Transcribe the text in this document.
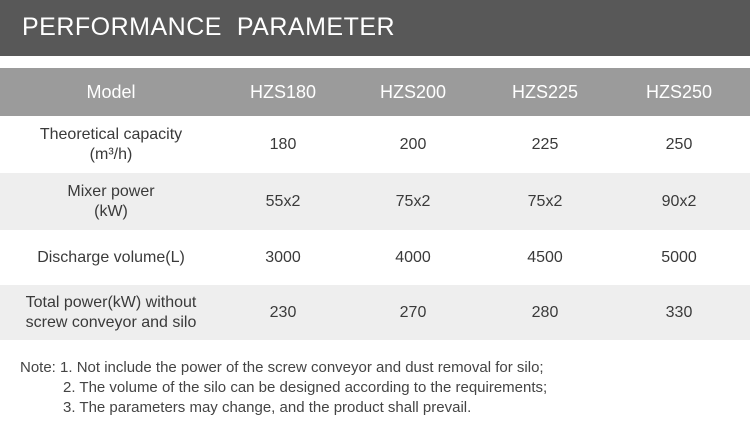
PERFORMANCE  PARAMETER
Model	HZS180	HZS200	HZS225	HZS250
Theoretical capacity
(m³/h)
180	200	225	250
Mixer power
(kW)
55x2	75x2	75x2	90x2
Discharge volume(L)	3000	4000	4500	5000
Total power(kW) without
screw conveyor and silo
230	270	280	330
Note: 1. Not include the power of the screw conveyor and dust removal for silo;
2. The volume of the silo can be designed according to the requirements;
3. The parameters may change, and the product shall prevail.
